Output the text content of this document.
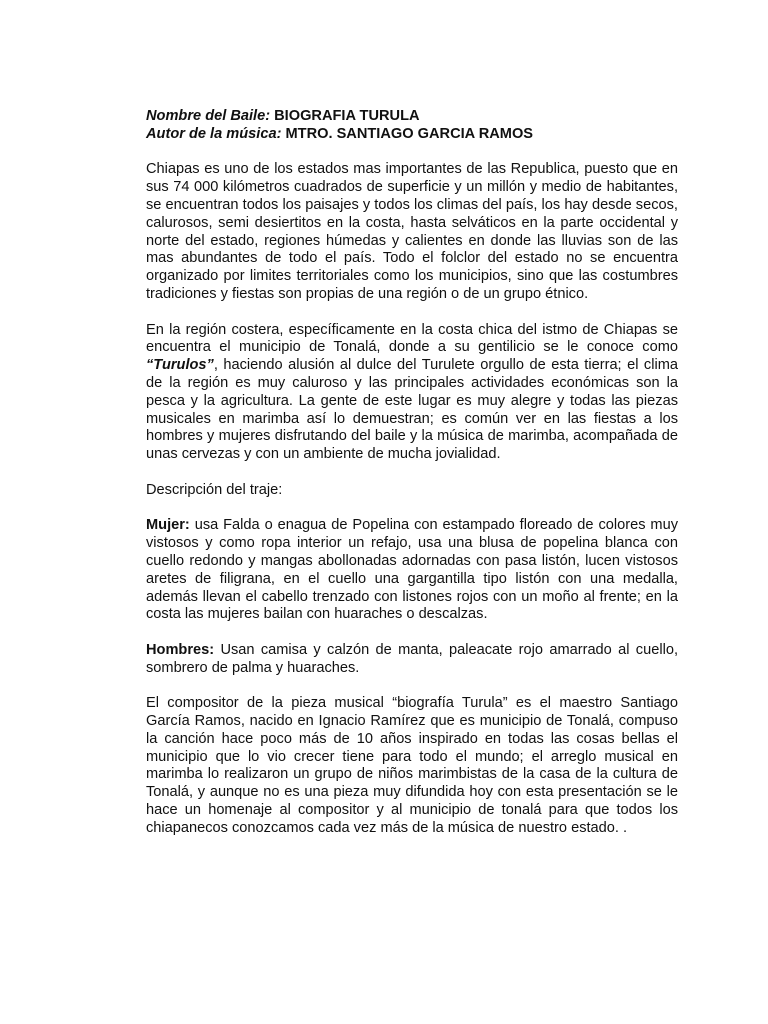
Nombre del Baile: BIOGRAFIA TURULA
Autor de la música: MTRO. SANTIAGO GARCIA RAMOS

Chiapas es uno de los estados mas importantes de las Republica, puesto que en sus 74 000 kilómetros cuadrados de superficie y un millón y medio de habitantes, se encuentran todos los paisajes y todos los climas del país, los hay desde secos, calurosos, semi desiertitos en la costa, hasta selváticos en la parte occidental y norte del estado, regiones húmedas y calientes en donde las lluvias son de las mas abundantes de todo el país. Todo el folclor del estado no se encuentra organizado por limites territoriales como los municipios, sino que las costumbres tradiciones y fiestas son propias de una región o de un grupo étnico.

En la región costera, específicamente en la costa chica del istmo de Chiapas se encuentra el municipio de Tonalá, donde a su gentilicio se le conoce como “Turulos”, haciendo alusión al dulce del Turulete orgullo de esta tierra; el clima de la región es muy caluroso y las principales actividades económicas son la pesca y la agricultura. La gente de este lugar es muy alegre y todas las piezas musicales en marimba así lo demuestran; es común ver en las fiestas a los hombres y mujeres disfrutando del baile y la música de marimba, acompañada de unas cervezas y con un ambiente de mucha jovialidad.

Descripción del traje:

Mujer: usa Falda o enagua de Popelina con estampado floreado de colores muy vistosos y como ropa interior un refajo, usa una blusa de popelina blanca con cuello redondo y mangas abollonadas adornadas con pasa listón, lucen vistosos aretes de filigrana, en el cuello una gargantilla tipo listón con una medalla, además llevan el cabello trenzado con listones rojos con un moño al frente; en la costa las mujeres bailan con huaraches o descalzas.

Hombres: Usan camisa y calzón de manta, paleacate rojo amarrado al cuello, sombrero de palma y huaraches.

El compositor de la pieza musical “biografía Turula” es el maestro Santiago García Ramos, nacido en Ignacio Ramírez que es municipio de Tonalá, compuso la canción hace poco más de 10 años inspirado en todas las cosas bellas el municipio que lo vio crecer tiene para todo el mundo; el arreglo musical en marimba lo realizaron un grupo de niños marimbistas de la casa de la cultura de Tonalá, y aunque no es una pieza muy difundida hoy con esta presentación se le hace un homenaje al compositor y al municipio de tonalá para que todos los chiapanecos conozcamos cada vez más de la música de nuestro estado. .
